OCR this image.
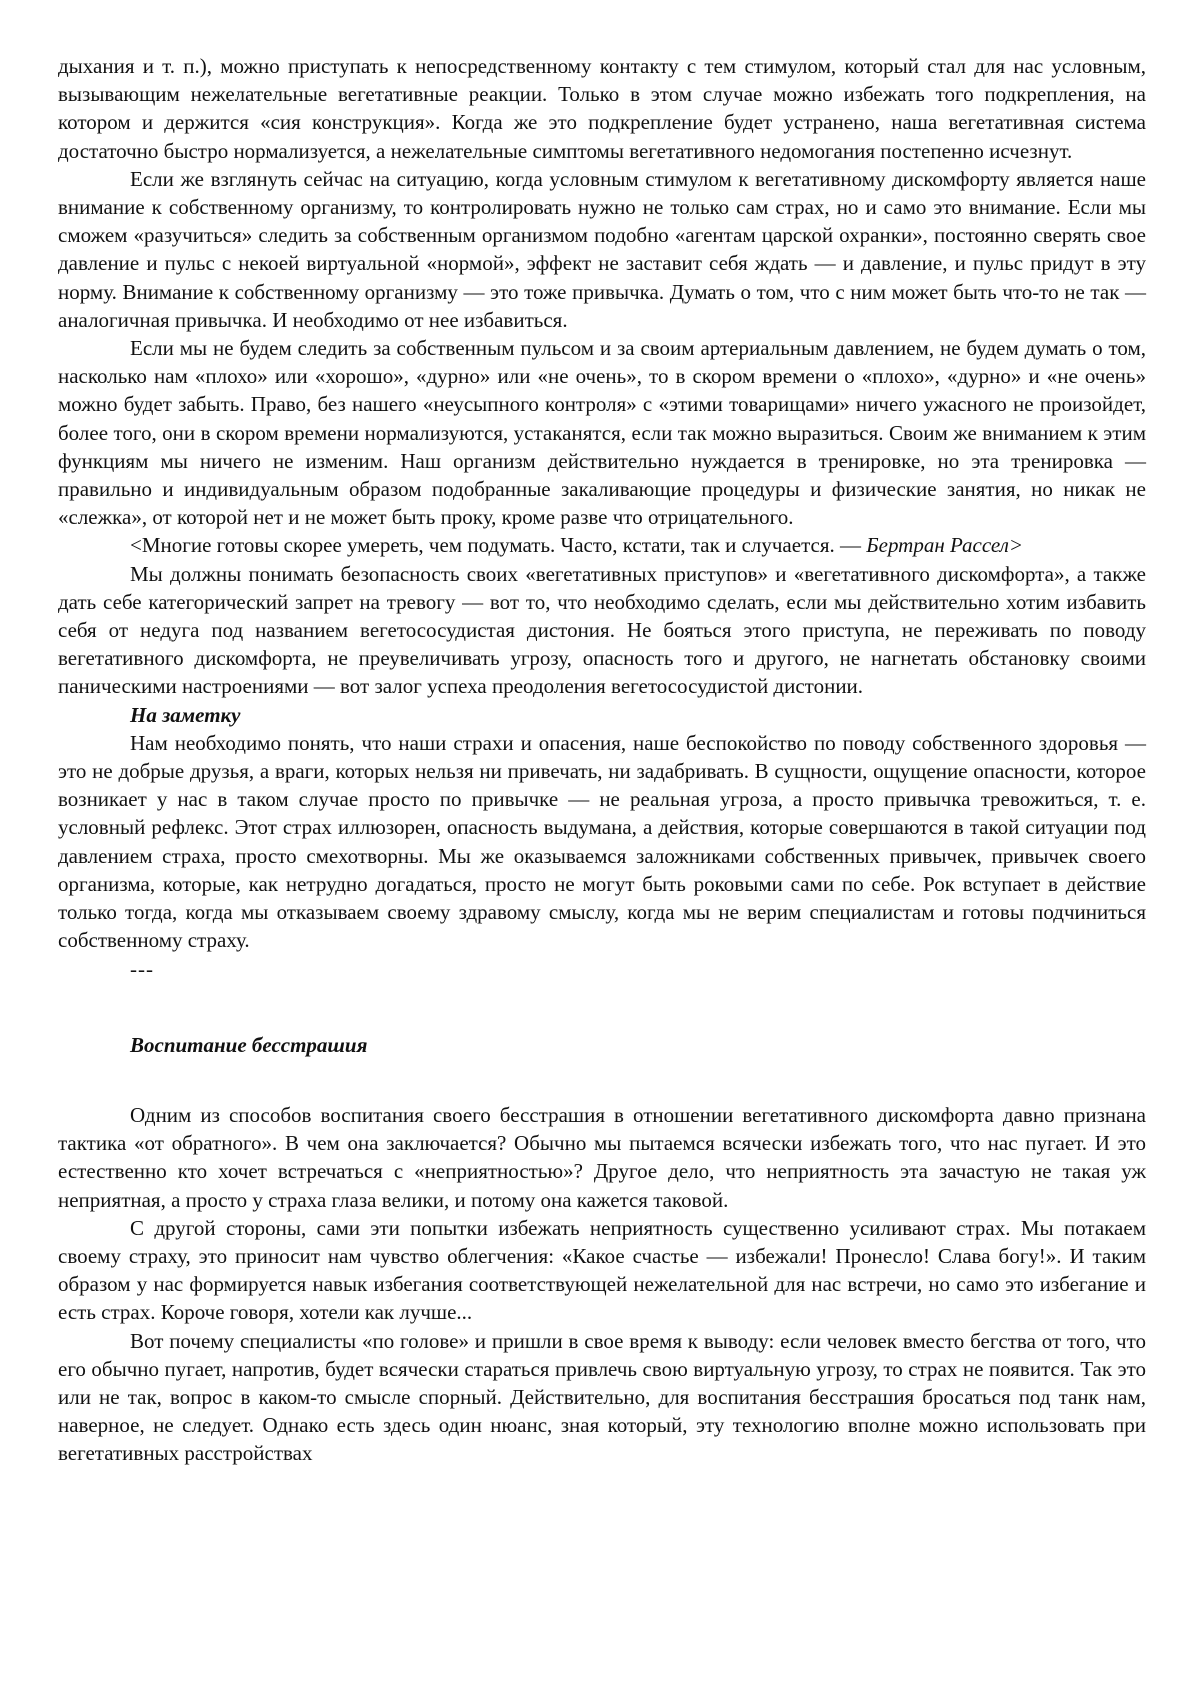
дыхания и т. п.), можно приступать к непосредственному контакту с тем стимулом, который стал для нас условным, вызывающим нежелательные вегетативные реакции. Только в этом случае можно избежать того подкрепления, на котором и держится «сия конструкция». Когда же это подкрепление будет устранено, наша вегетативная система достаточно быстро нормализуется, а нежелательные симптомы вегетативного недомогания постепенно исчезнут.

Если же взглянуть сейчас на ситуацию, когда условным стимулом к вегетативному дискомфорту является наше внимание к собственному организму, то контролировать нужно не только сам страх, но и само это внимание. Если мы сможем «разучиться» следить за собственным организмом подобно «агентам царской охранки», постоянно сверять свое давление и пульс с некоей виртуальной «нормой», эффект не заставит себя ждать — и давление, и пульс придут в эту норму. Внимание к собственному организму — это тоже привычка. Думать о том, что с ним может быть что-то не так — аналогичная привычка. И необходимо от нее избавиться.

Если мы не будем следить за собственным пульсом и за своим артериальным давлением, не будем думать о том, насколько нам «плохо» или «хорошо», «дурно» или «не очень», то в скором времени о «плохо», «дурно» и «не очень» можно будет забыть. Право, без нашего «неусыпного контроля» с «этими товарищами» ничего ужасного не произойдет, более того, они в скором времени нормализуются, устаканятся, если так можно выразиться. Своим же вниманием к этим функциям мы ничего не изменим. Наш организм действительно нуждается в тренировке, но эта тренировка — правильно и индивидуальным образом подобранные закаливающие процедуры и физические занятия, но никак не «слежка», от которой нет и не может быть проку, кроме разве что отрицательного.

<Многие готовы скорее умереть, чем подумать. Часто, кстати, так и случается. — Бертран Рассел>

Мы должны понимать безопасность своих «вегетативных приступов» и «вегетативного дискомфорта», а также дать себе категорический запрет на тревогу — вот то, что необходимо сделать, если мы действительно хотим избавить себя от недуга под названием вегетососудистая дистония. Не бояться этого приступа, не переживать по поводу вегетативного дискомфорта, не преувеличивать угрозу, опасность того и другого, не нагнетать обстановку своими паническими настроениями — вот залог успеха преодоления вегетососудистой дистонии.

На заметку

Нам необходимо понять, что наши страхи и опасения, наше беспокойство по поводу собственного здоровья — это не добрые друзья, а враги, которых нельзя ни привечать, ни задабривать. В сущности, ощущение опасности, которое возникает у нас в таком случае просто по привычке — не реальная угроза, а просто привычка тревожиться, т. е. условный рефлекс. Этот страх иллюзорен, опасность выдумана, а действия, которые совершаются в такой ситуации под давлением страха, просто смехотворны. Мы же оказываемся заложниками собственных привычек, привычек своего организма, которые, как нетрудно догадаться, просто не могут быть роковыми сами по себе. Рок вступает в действие только тогда, когда мы отказываем своему здравому смыслу, когда мы не верим специалистам и готовы подчиниться собственному страху.

---

Воспитание бесстрашия

Одним из способов воспитания своего бесстрашия в отношении вегетативного дискомфорта давно признана тактика «от обратного». В чем она заключается? Обычно мы пытаемся всячески избежать того, что нас пугает. И это естественно кто хочет встречаться с «неприятностью»? Другое дело, что неприятность эта зачастую не такая уж неприятная, а просто у страха глаза велики, и потому она кажется таковой.

С другой стороны, сами эти попытки избежать неприятность существенно усиливают страх. Мы потакаем своему страху, это приносит нам чувство облегчения: «Какое счастье — избежали! Пронесло! Слава богу!». И таким образом у нас формируется навык избегания соответствующей нежелательной для нас встречи, но само это избегание и есть страх. Короче говоря, хотели как лучше...

Вот почему специалисты «по голове» и пришли в свое время к выводу: если человек вместо бегства от того, что его обычно пугает, напротив, будет всячески стараться привлечь свою виртуальную угрозу, то страх не появится. Так это или не так, вопрос в каком-то смысле спорный. Действительно, для воспитания бесстрашия бросаться под танк нам, наверное, не следует. Однако есть здесь один нюанс, зная который, эту технологию вполне можно использовать при вегетативных расстройствах
